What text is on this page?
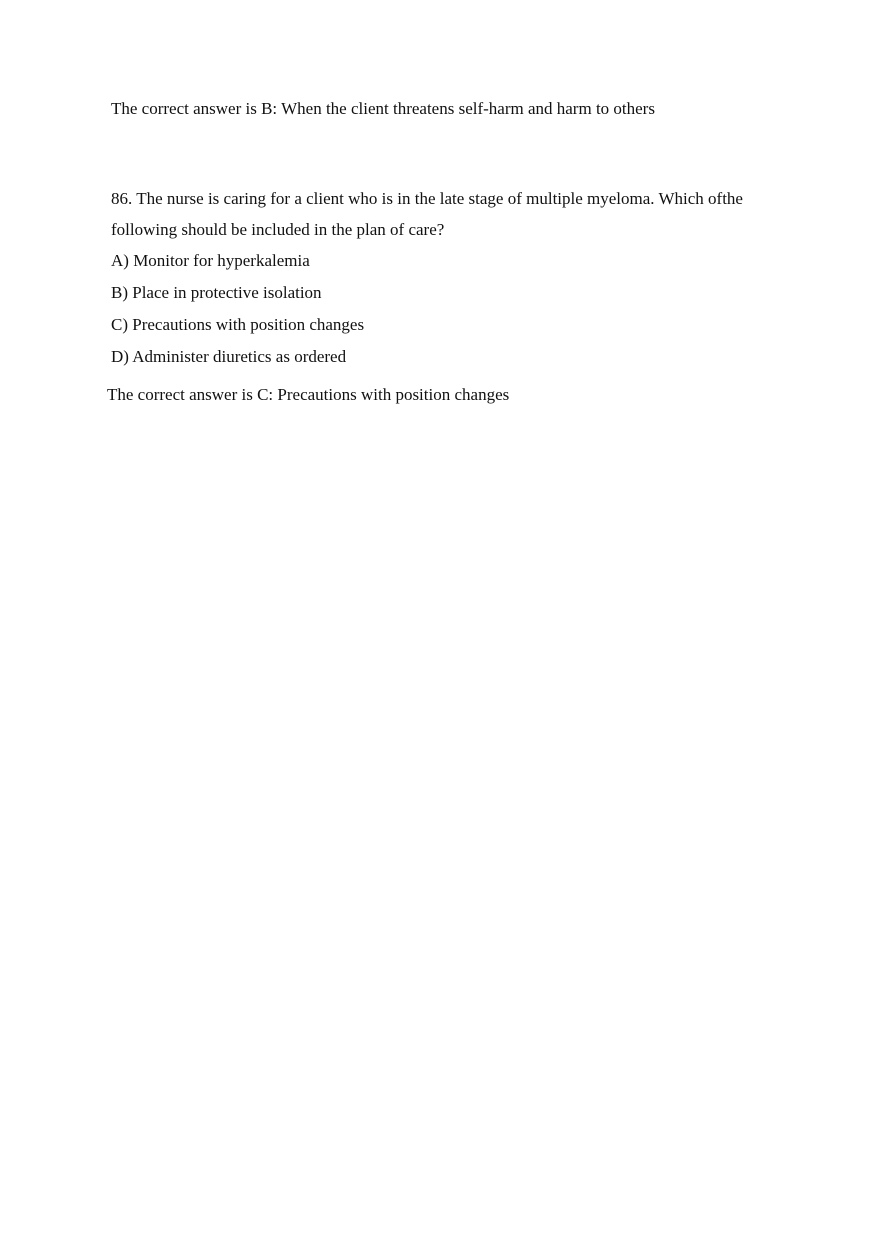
The correct answer is B: When the client threatens self-harm and harm to others
86. The nurse is caring for a client who is in the late stage of multiple myeloma. Which ofthe
following should be included in the plan of care?
A) Monitor for hyperkalemia
B) Place in protective isolation
C) Precautions with position changes
D) Administer diuretics as ordered
The correct answer is C: Precautions with position changes
